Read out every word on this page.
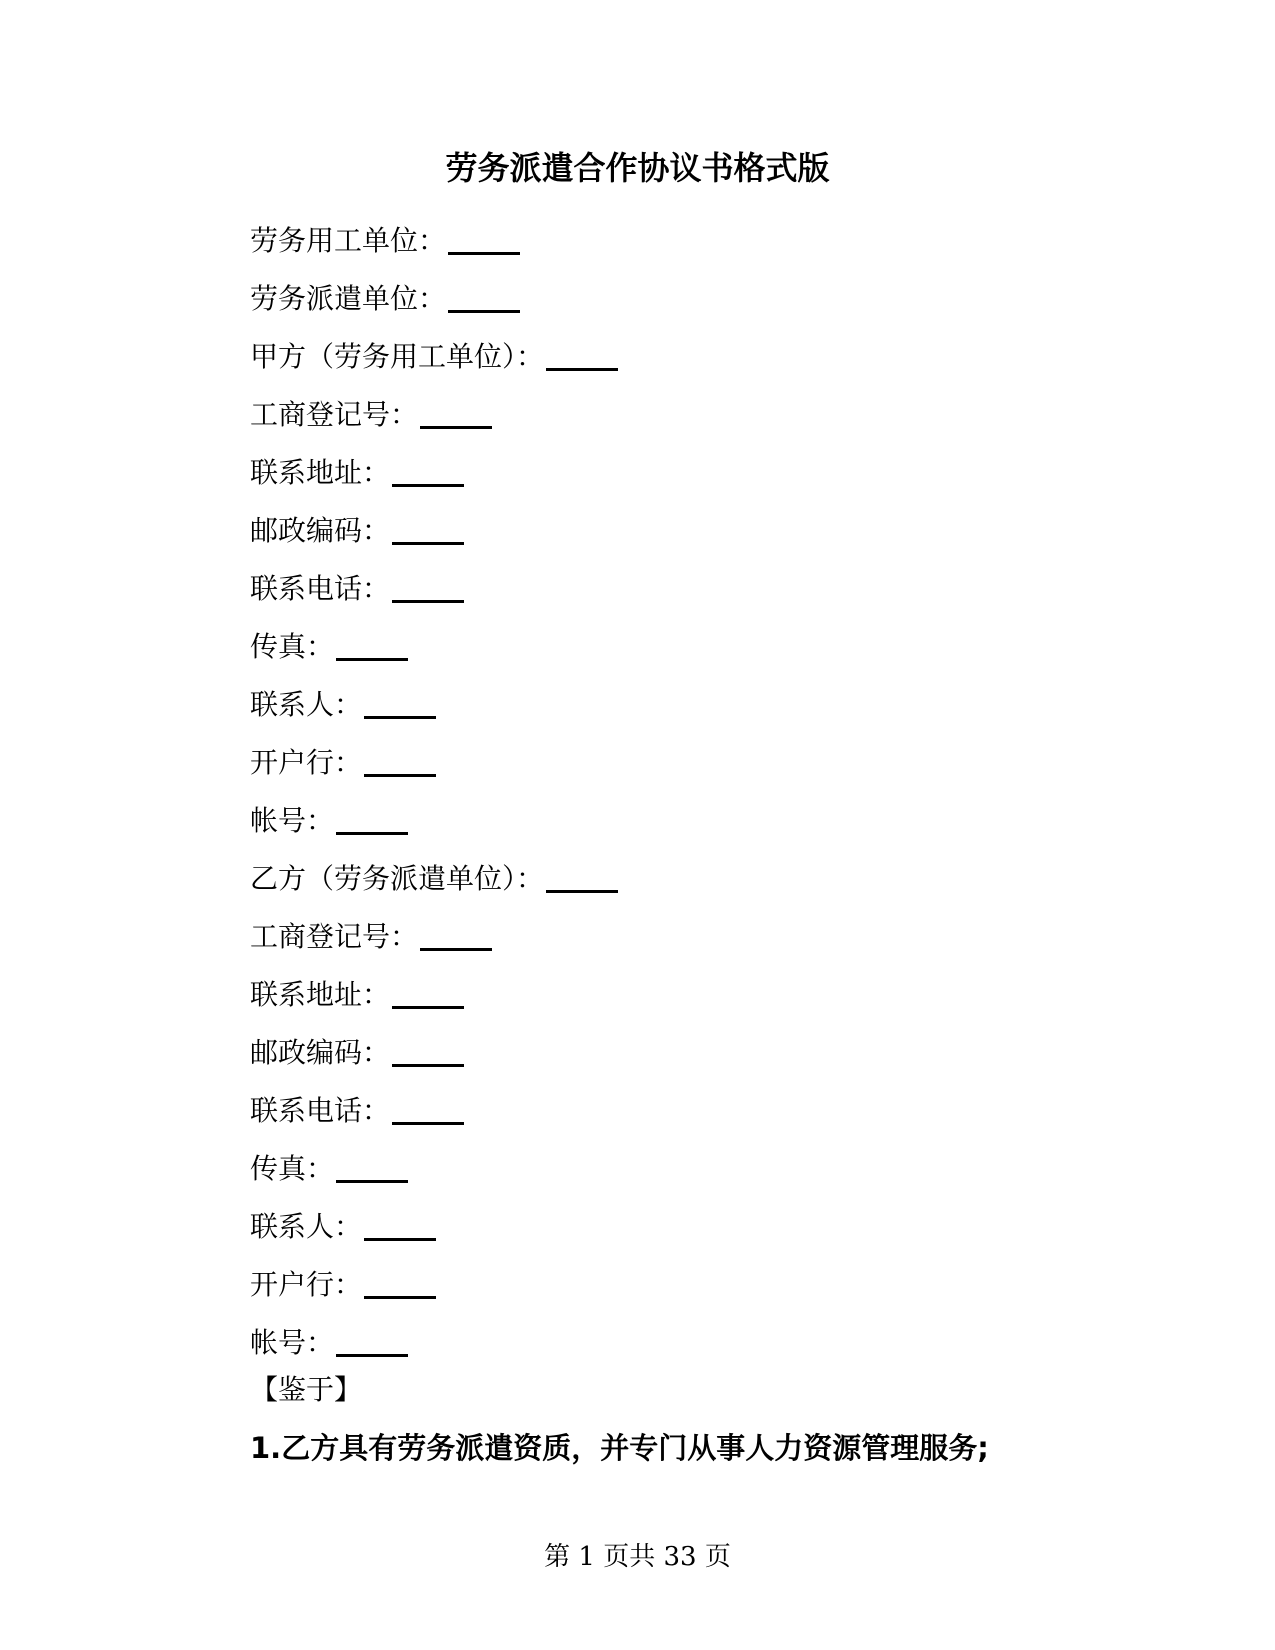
劳务派遣合作协议书格式版
劳务用工单位：
劳务派遣单位：
甲方（劳务用工单位）：
工商登记号：
联系地址：
邮政编码：
联系电话：
传真：
联系人：
开户行：
帐号：
乙方（劳务派遣单位）：
工商登记号：
联系地址：
邮政编码：
联系电话：
传真：
联系人：
开户行：
帐号：
【鉴于】
1.乙方具有劳务派遣资质，并专门从事人力资源管理服务;
第 1 页共 33 页
